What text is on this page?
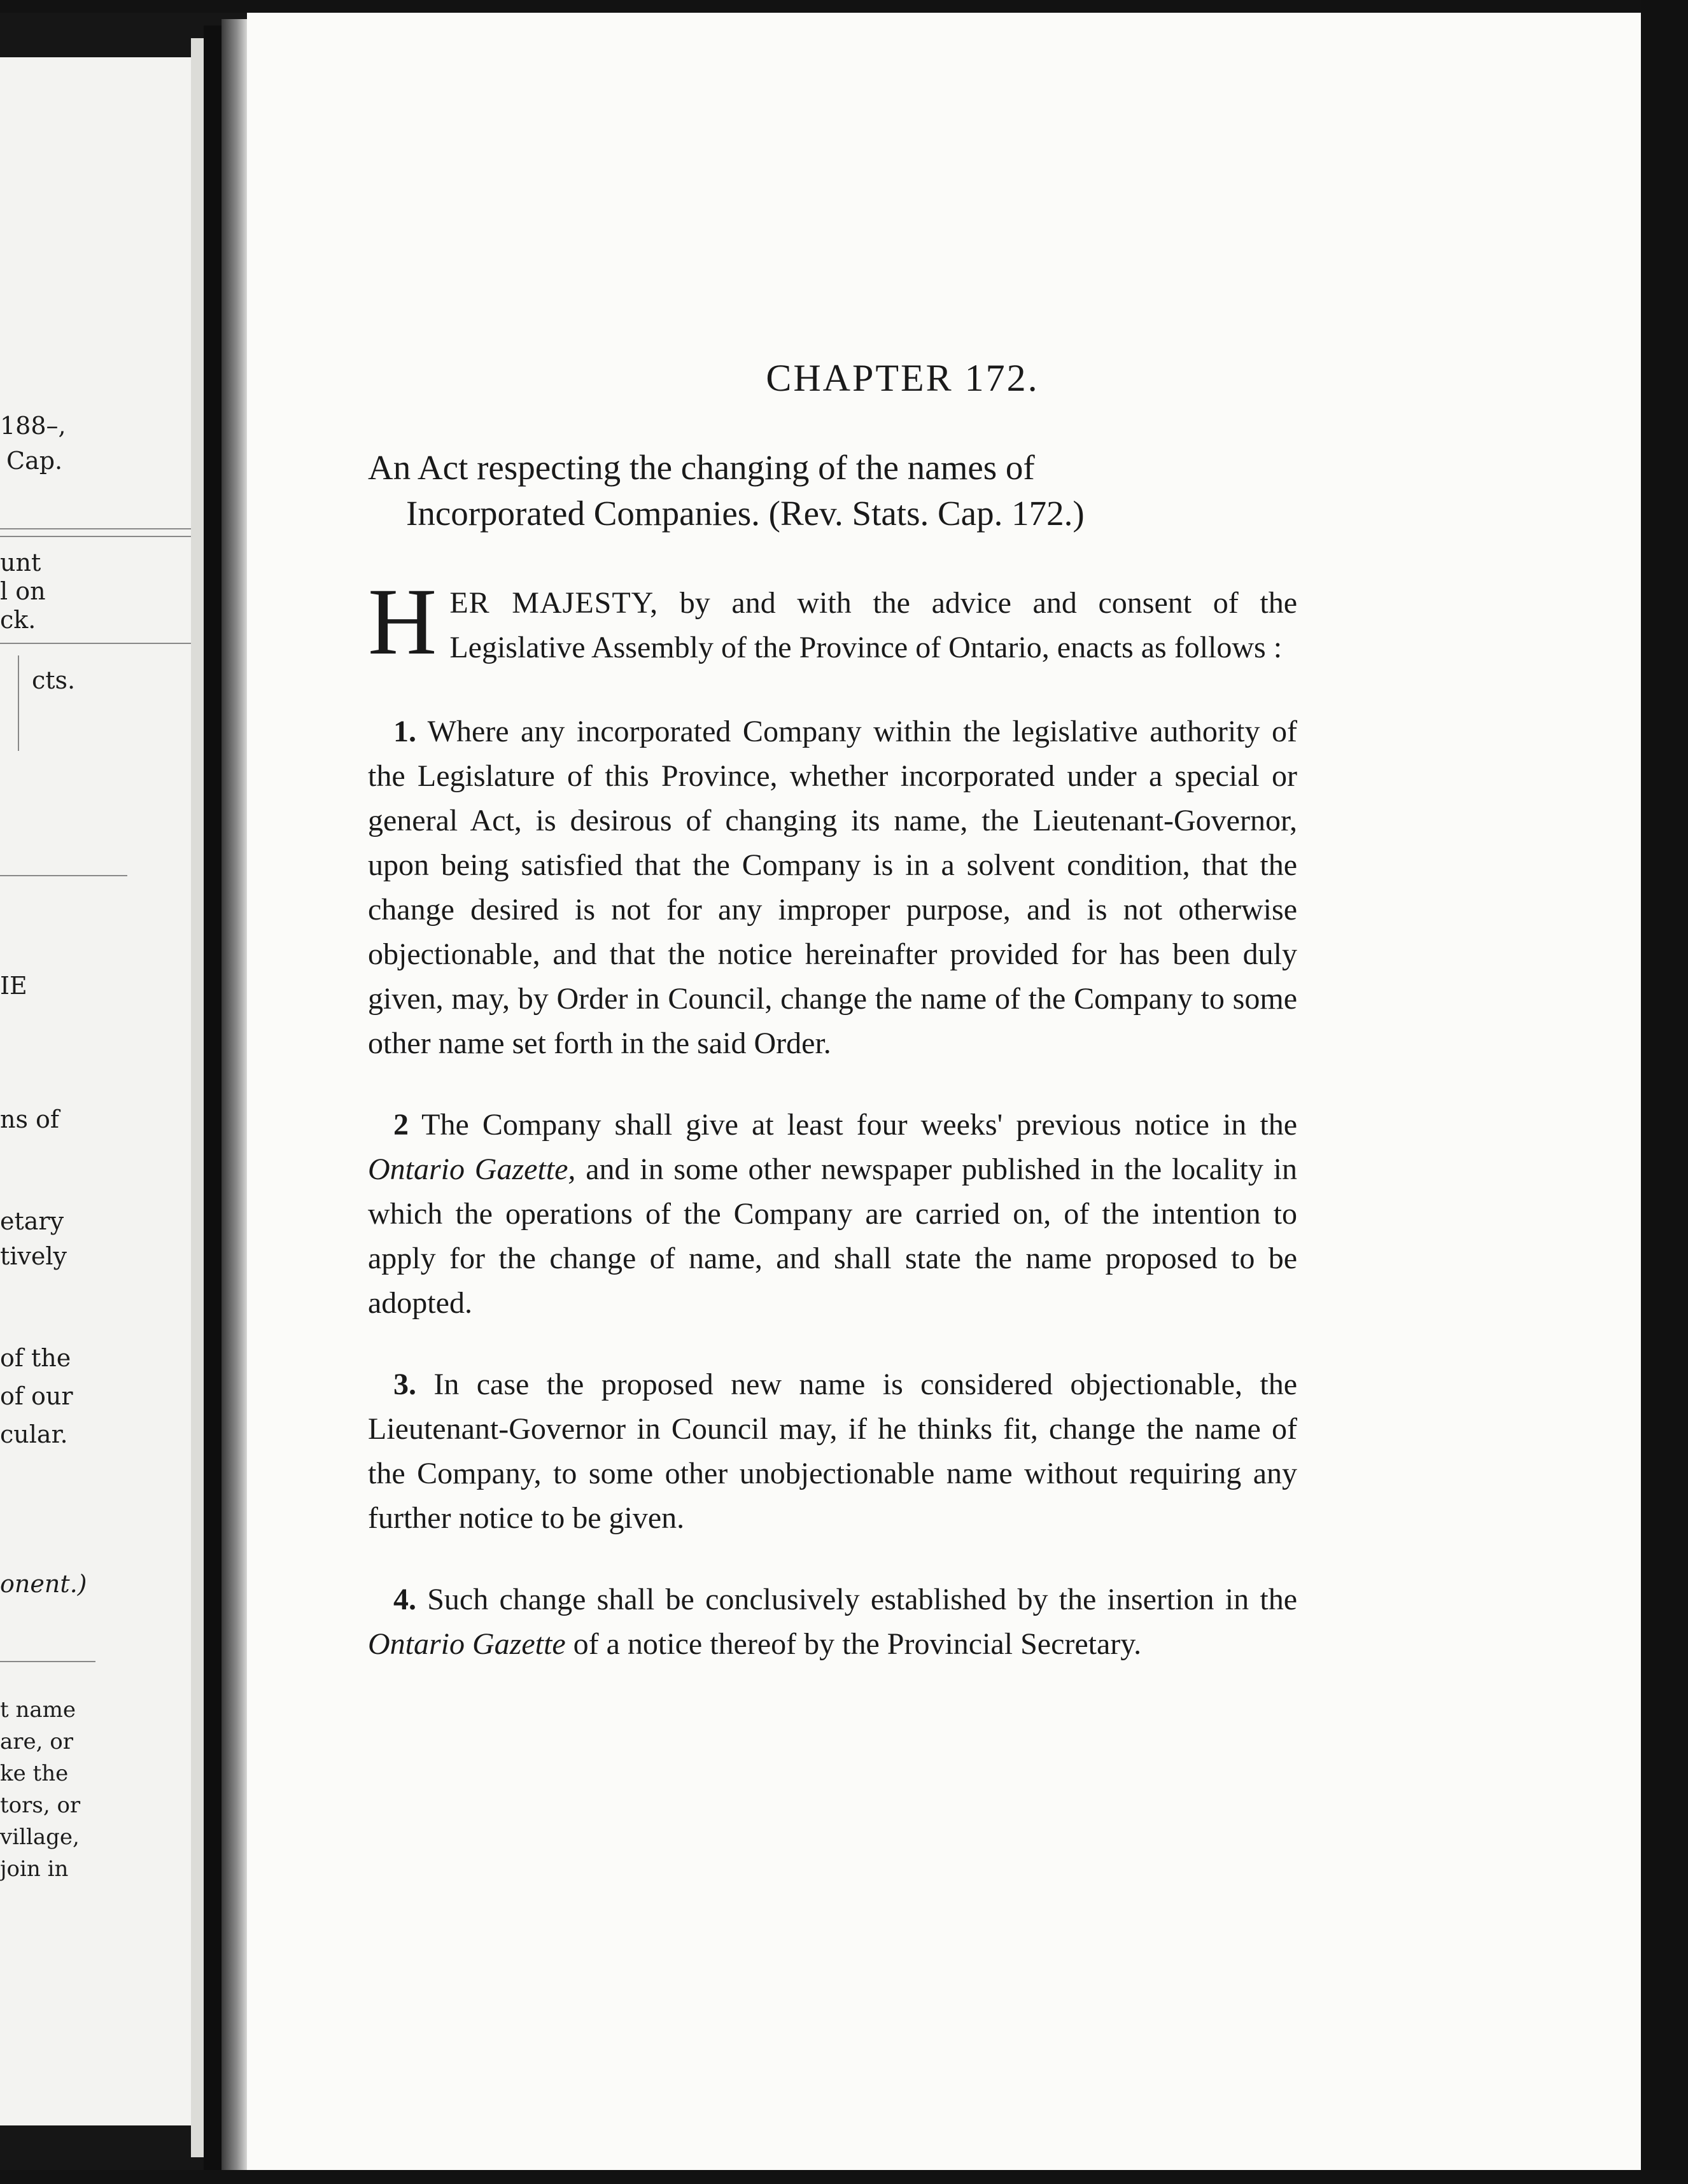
188–,
Cap.
unt
l on
ck.
cts.
IE
ns of
etary
tively
of the
of our
cular.
onent.)
t name
are, or
ke the
tors, or
village,
join in
CHAPTER 172.
An Act respecting the changing of the names of
Incorporated Companies. (Rev. Stats. Cap. 172.)
HER MAJESTY, by and with the advice and consent of the Legislative Assembly of the Province of Ontario, enacts as follows :
1. Where any incorporated Company within the legislative authority of the Legislature of this Province, whether incorporated under a special or general Act, is desirous of changing its name, the Lieutenant-Governor, upon being satisfied that the Company is in a solvent condition, that the change desired is not for any improper purpose, and is not otherwise objectionable, and that the notice hereinafter provided for has been duly given, may, by Order in Council, change the name of the Company to some other name set forth in the said Order.
2 The Company shall give at least four weeks' previous notice in the Ontario Gazette, and in some other newspaper published in the locality in which the operations of the Company are carried on, of the intention to apply for the change of name, and shall state the name proposed to be adopted.
3. In case the proposed new name is considered objectionable, the Lieutenant-Governor in Council may, if he thinks fit, change the name of the Company, to some other unobjectionable name without requiring any further notice to be given.
4. Such change shall be conclusively established by the insertion in the Ontario Gazette of a notice thereof by the Provincial Secretary.
